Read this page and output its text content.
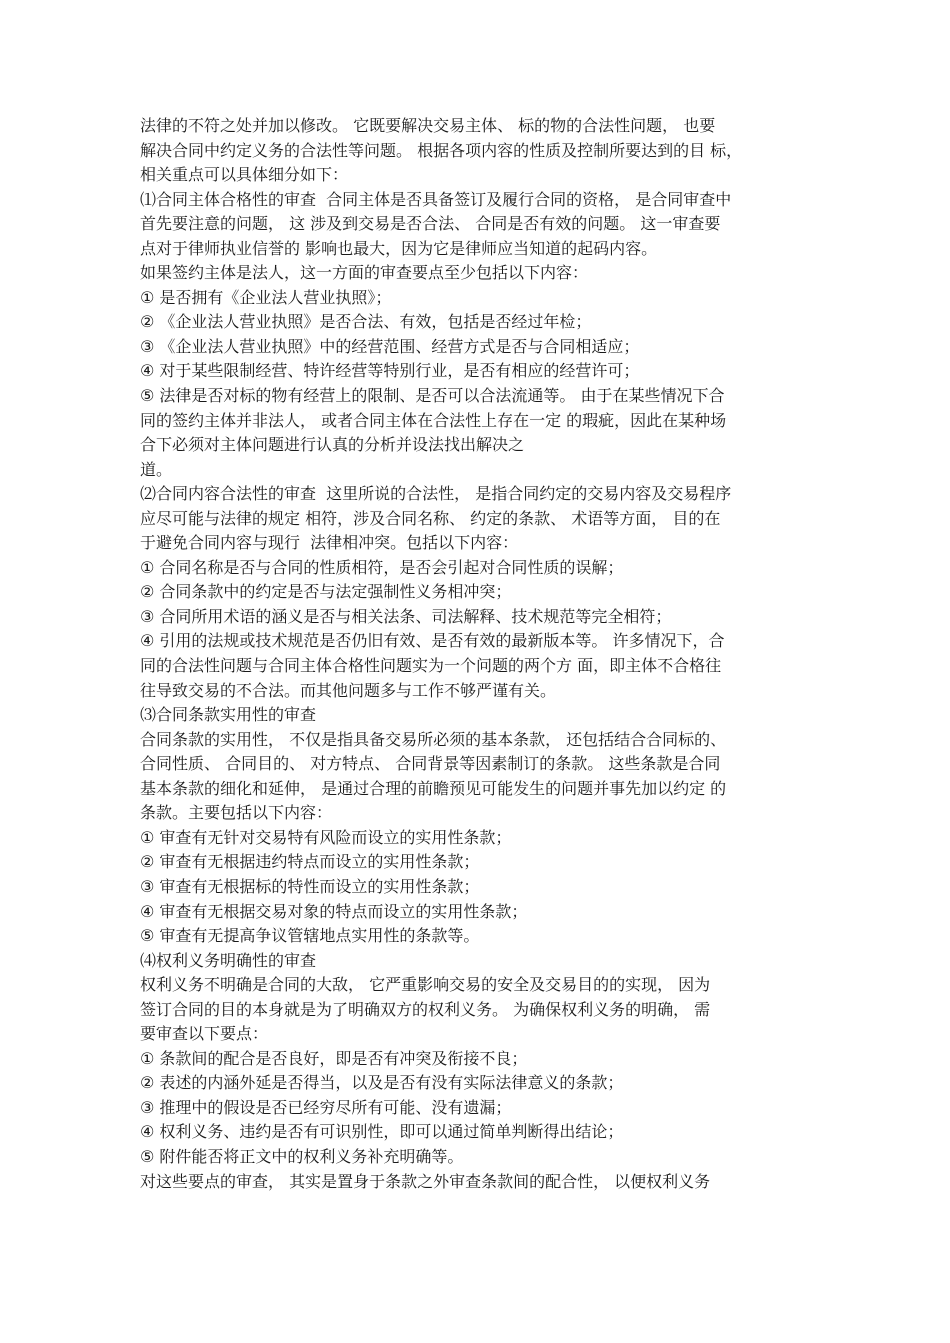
法律的不符之处并加以修改。 它既要解决交易主体、 标的物的合法性问题， 也要
解决合同中约定义务的合法性等问题。 根据各项内容的性质及控制所要达到的目 标，
相关重点可以具体细分如下：
⑴合同主体合格性的审查  合同主体是否具备签订及履行合同的资格， 是合同审查中
首先要注意的问题， 这 涉及到交易是否合法、 合同是否有效的问题。 这一审查要
点对于律师执业信誉的 影响也最大，因为它是律师应当知道的起码内容。
如果签约主体是法人，这一方面的审查要点至少包括以下内容：
① 是否拥有《企业法人营业执照》；
② 《企业法人营业执照》是否合法、有效，包括是否经过年检；
③ 《企业法人营业执照》中的经营范围、经营方式是否与合同相适应；
④ 对于某些限制经营、特许经营等特别行业，是否有相应的经营许可；
⑤ 法律是否对标的物有经营上的限制、是否可以合法流通等。 由于在某些情况下合
同的签约主体并非法人， 或者合同主体在合法性上存在一定 的瑕疵，因此在某种场
合下必须对主体问题进行认真的分析并设法找出解决之
道。
⑵合同内容合法性的审查  这里所说的合法性， 是指合同约定的交易内容及交易程序
应尽可能与法律的规定 相符，涉及合同名称、 约定的条款、 术语等方面， 目的在
于避免合同内容与现行  法律相冲突。包括以下内容：
① 合同名称是否与合同的性质相符，是否会引起对合同性质的误解；
② 合同条款中的约定是否与法定强制性义务相冲突；
③ 合同所用术语的涵义是否与相关法条、司法解释、技术规范等完全相符；
④ 引用的法规或技术规范是否仍旧有效、是否有效的最新版本等。 许多情况下，合
同的合法性问题与合同主体合格性问题实为一个问题的两个方 面，即主体不合格往
往导致交易的不合法。而其他问题多与工作不够严谨有关。
⑶合同条款实用性的审查
合同条款的实用性， 不仅是指具备交易所必须的基本条款， 还包括结合合同标的、
合同性质、 合同目的、 对方特点、 合同背景等因素制订的条款。 这些条款是合同
基本条款的细化和延伸， 是通过合理的前瞻预见可能发生的问题并事先加以约定 的
条款。主要包括以下内容：
① 审查有无针对交易特有风险而设立的实用性条款；
② 审查有无根据违约特点而设立的实用性条款；
③ 审查有无根据标的特性而设立的实用性条款；
④ 审查有无根据交易对象的特点而设立的实用性条款；
⑤ 审查有无提高争议管辖地点实用性的条款等。
⑷权利义务明确性的审查
权利义务不明确是合同的大敌， 它严重影响交易的安全及交易目的的实现， 因为
签订合同的目的本身就是为了明确双方的权利义务。 为确保权利义务的明确， 需
要审查以下要点：
① 条款间的配合是否良好，即是否有冲突及衔接不良；
② 表述的内涵外延是否得当，以及是否有没有实际法律意义的条款；
③ 推理中的假设是否已经穷尽所有可能、没有遗漏；
④ 权利义务、违约是否有可识别性，即可以通过简单判断得出结论；
⑤ 附件能否将正文中的权利义务补充明确等。
对这些要点的审查， 其实是置身于条款之外审查条款间的配合性， 以便权利义务
